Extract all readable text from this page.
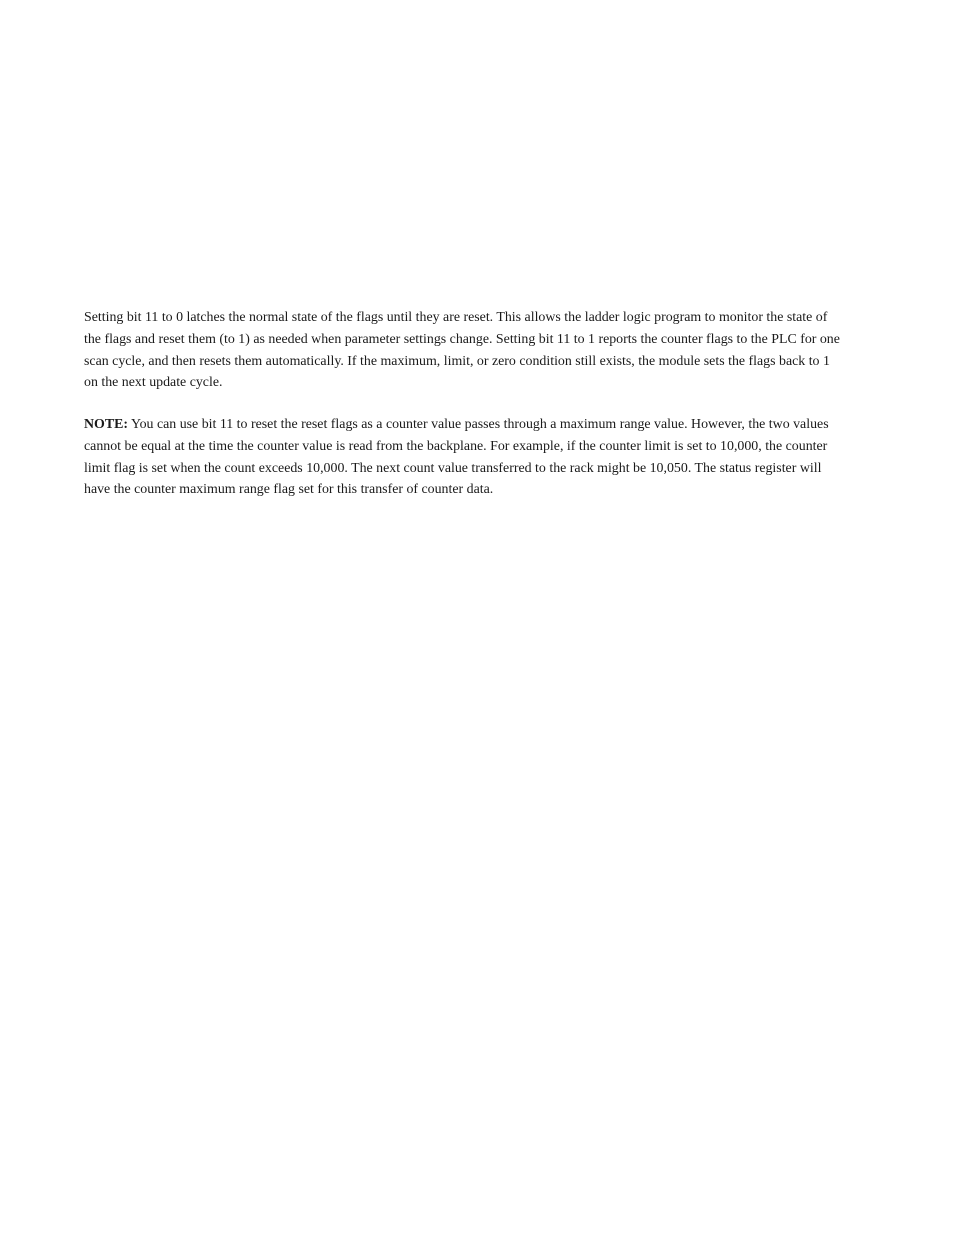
Setting bit 11 to 0 latches the normal state of the flags until they are reset. This allows the ladder logic program to monitor the state of the flags and reset them (to 1) as needed when parameter settings change. Setting bit 11 to 1 reports the counter flags to the PLC for one scan cycle, and then resets them automatically. If the maximum, limit, or zero condition still exists, the module sets the flags back to 1 on the next update cycle.

NOTE: You can use bit 11 to reset the reset flags as a counter value passes through a maximum range value. However, the two values cannot be equal at the time the counter value is read from the backplane. For example, if the counter limit is set to 10,000, the counter limit flag is set when the count exceeds 10,000. The next count value transferred to the rack might be 10,050. The status register will have the counter maximum range flag set for this transfer of counter data.
